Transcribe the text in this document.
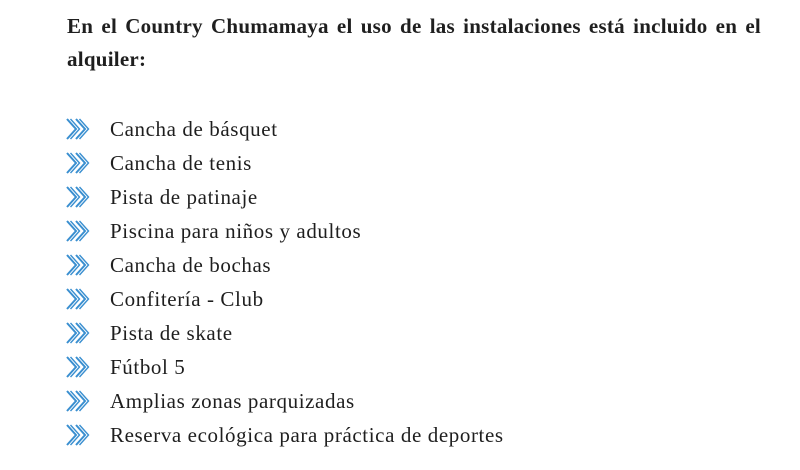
En el Country Chumamaya el uso de las instalaciones está incluido en el alquiler:
Cancha de básquet
Cancha de tenis
Pista de patinaje
Piscina para niños y adultos
Cancha de bochas
Confitería - Club
Pista de skate
Fútbol 5
Amplias zonas parquizadas
Reserva ecológica para práctica de deportes
